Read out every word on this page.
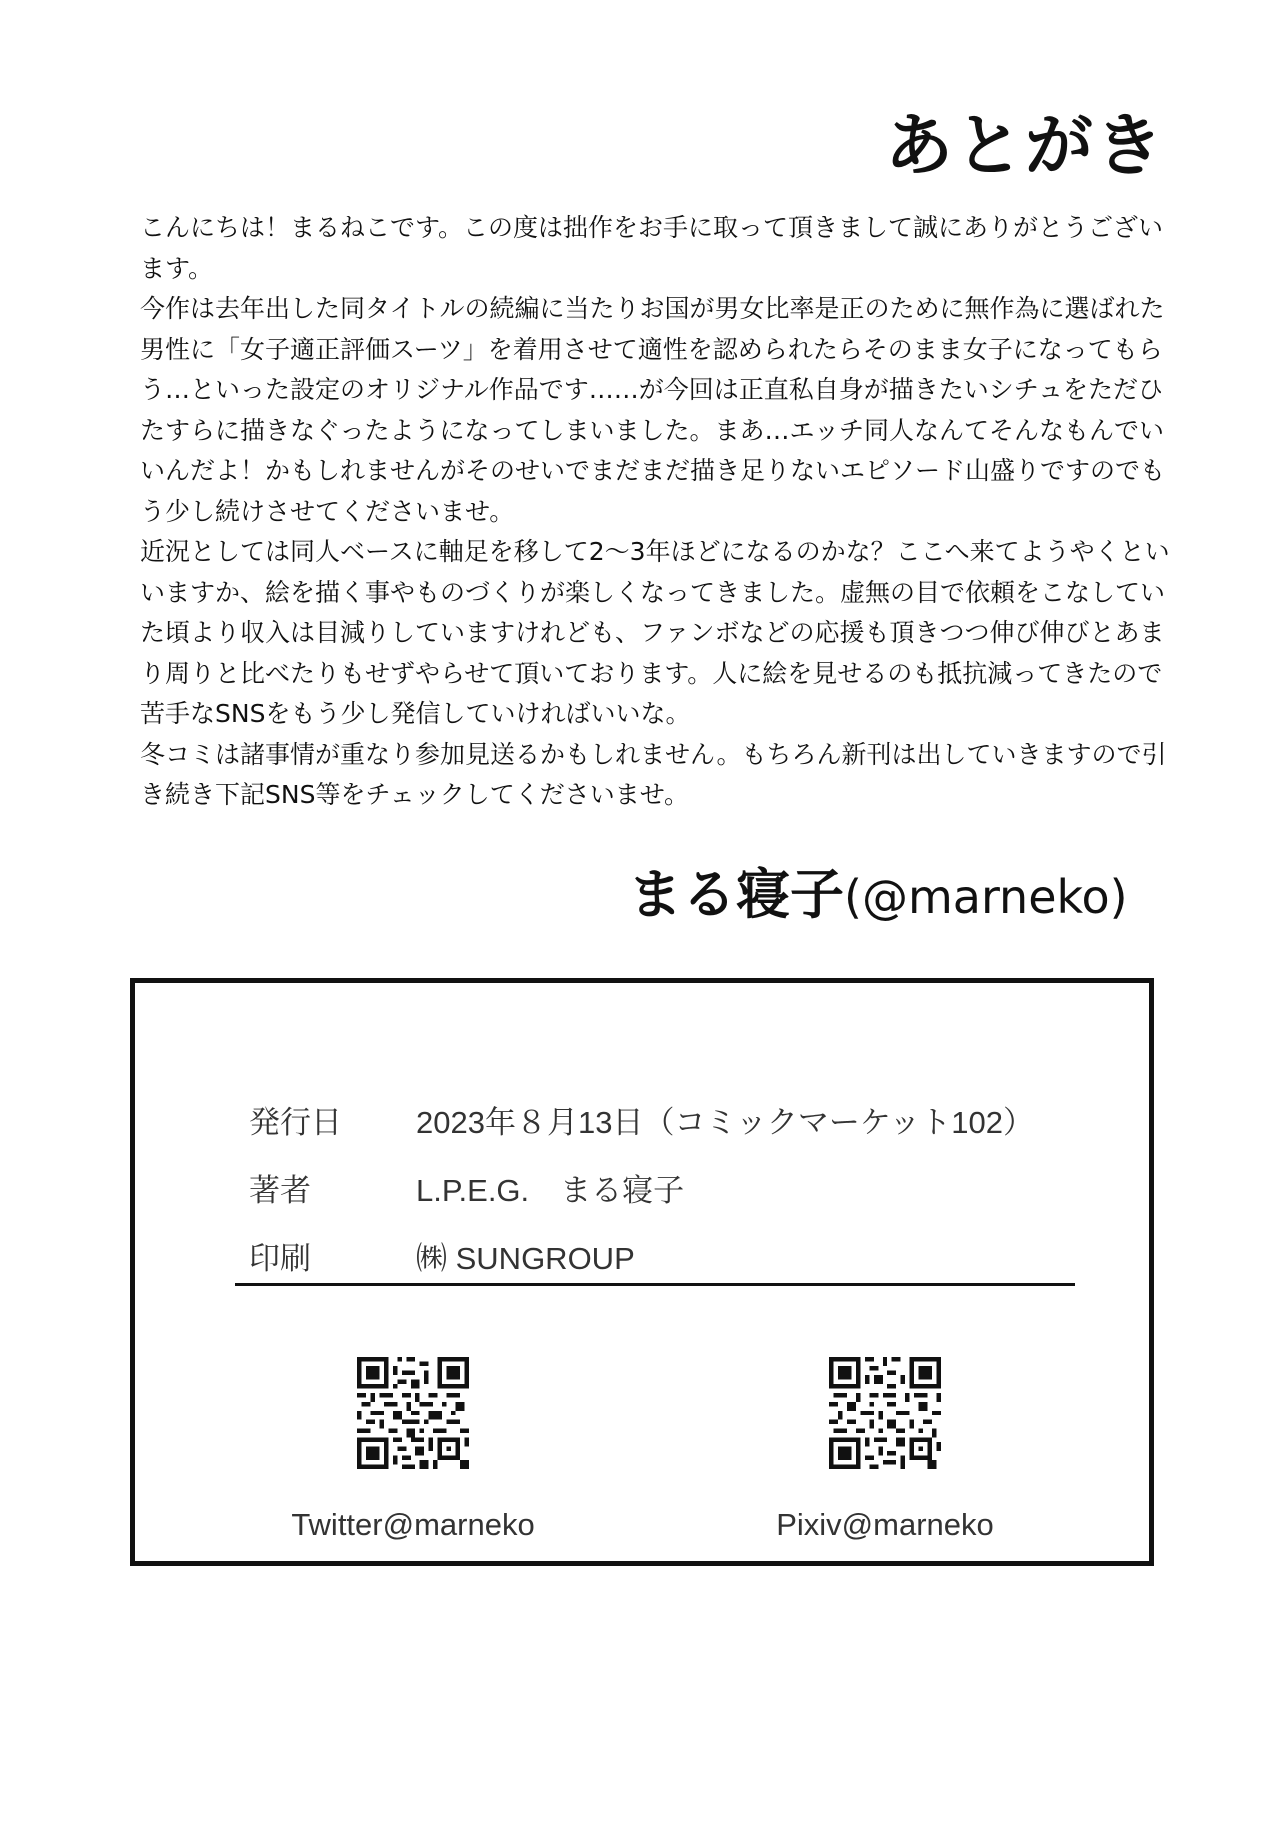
あとがき

こんにちは！まるねこです。この度は拙作をお手に取って頂きまして誠にありがとうございます。

今作は去年出した同タイトルの続編に当たりお国が男女比率是正のために無作為に選ばれた男性に「女子適正評価スーツ」を着用させて適性を認められたらそのまま女子になってもらう…といった設定のオリジナル作品です……が今回は正直私自身が描きたいシチュをただひたすらに描きなぐったようになってしまいました。まあ…エッチ同人なんてそんなもんでいいんだよ！かもしれませんがそのせいでまだまだ描き足りないエピソード山盛りですのでもう少し続けさせてくださいませ。

近況としては同人ベースに軸足を移して2～3年ほどになるのかな？ここへ来てようやくといいますか、絵を描く事やものづくりが楽しくなってきました。虚無の目で依頼をこなしていた頃より収入は目減りしていますけれども、ファンボなどの応援も頂きつつ伸び伸びとあまり周りと比べたりもせずやらせて頂いております。人に絵を見せるのも抵抗減ってきたので苦手なSNSをもう少し発信していければいいな。

冬コミは諸事情が重なり参加見送るかもしれません。もちろん新刊は出していきますので引き続き下記SNS等をチェックしてくださいませ。

まる寝子(@marneko)
発行日	2023年８月13日（コミックマーケット102）
著者	L.P.E.G.　まる寝子
印刷	㈱ SUNGROUP
Twitter@marneko	Pixiv@marneko
